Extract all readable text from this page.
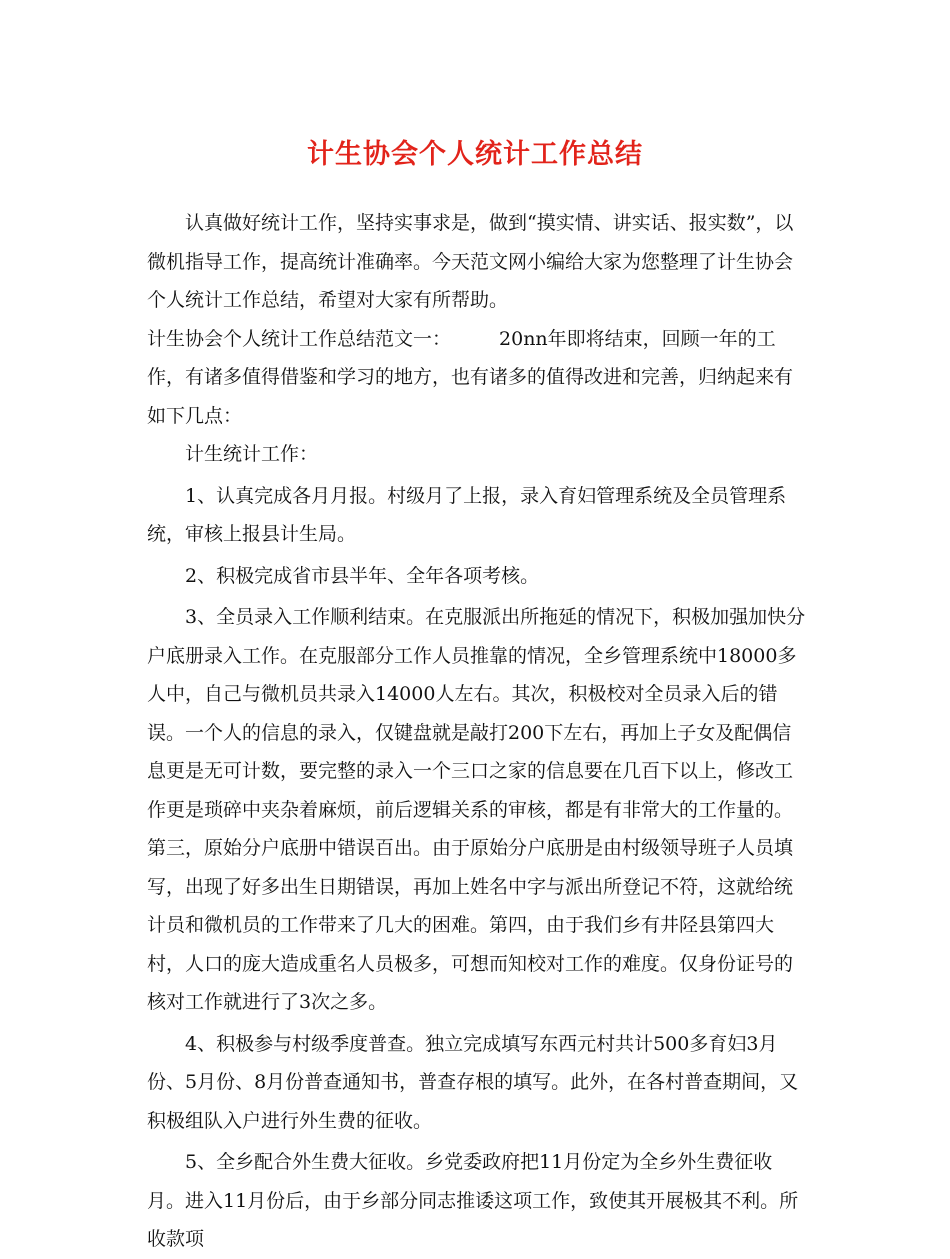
计生协会个人统计工作总结

认真做好统计工作，坚持实事求是，做到“摸实情、讲实话、报实数”，以微机指导工作，提高统计准确率。今天范文网小编给大家为您整理了计生协会个人统计工作总结，希望对大家有所帮助。

计生协会个人统计工作总结范文一：	20nn年即将结束，回顾一年的工作，有诸多值得借鉴和学习的地方，也有诸多的值得改进和完善，归纳起来有如下几点：

计生统计工作：

1、认真完成各月月报。村级月了上报，录入育妇管理系统及全员管理系统，审核上报县计生局。

2、积极完成省市县半年、全年各项考核。

3、全员录入工作顺利结束。在克服派出所拖延的情况下，积极加强加快分户底册录入工作。在克服部分工作人员推靠的情况，全乡管理系统中18000多人中，自己与微机员共录入14000人左右。其次，积极校对全员录入后的错误。一个人的信息的录入，仅键盘就是敲打200下左右，再加上子女及配偶信息更是无可计数，要完整的录入一个三口之家的信息要在几百下以上，修改工作更是琐碎中夹杂着麻烦，前后逻辑关系的审核，都是有非常大的工作量的。第三，原始分户底册中错误百出。由于原始分户底册是由村级领导班子人员填写，出现了好多出生日期错误，再加上姓名中字与派出所登记不符，这就给统计员和微机员的工作带来了几大的困难。第四，由于我们乡有井陉县第四大村，人口的庞大造成重名人员极多，可想而知校对工作的难度。仅身份证号的核对工作就进行了3次之多。

4、积极参与村级季度普查。独立完成填写东西元村共计500多育妇3月份、5月份、8月份普查通知书，普查存根的填写。此外，在各村普查期间，又积极组队入户进行外生费的征收。

5、全乡配合外生费大征收。乡党委政府把11月份定为全乡外生费征收月。进入11月份后，由于乡部分同志推诿这项工作，致使其开展极其不利。所收款项
